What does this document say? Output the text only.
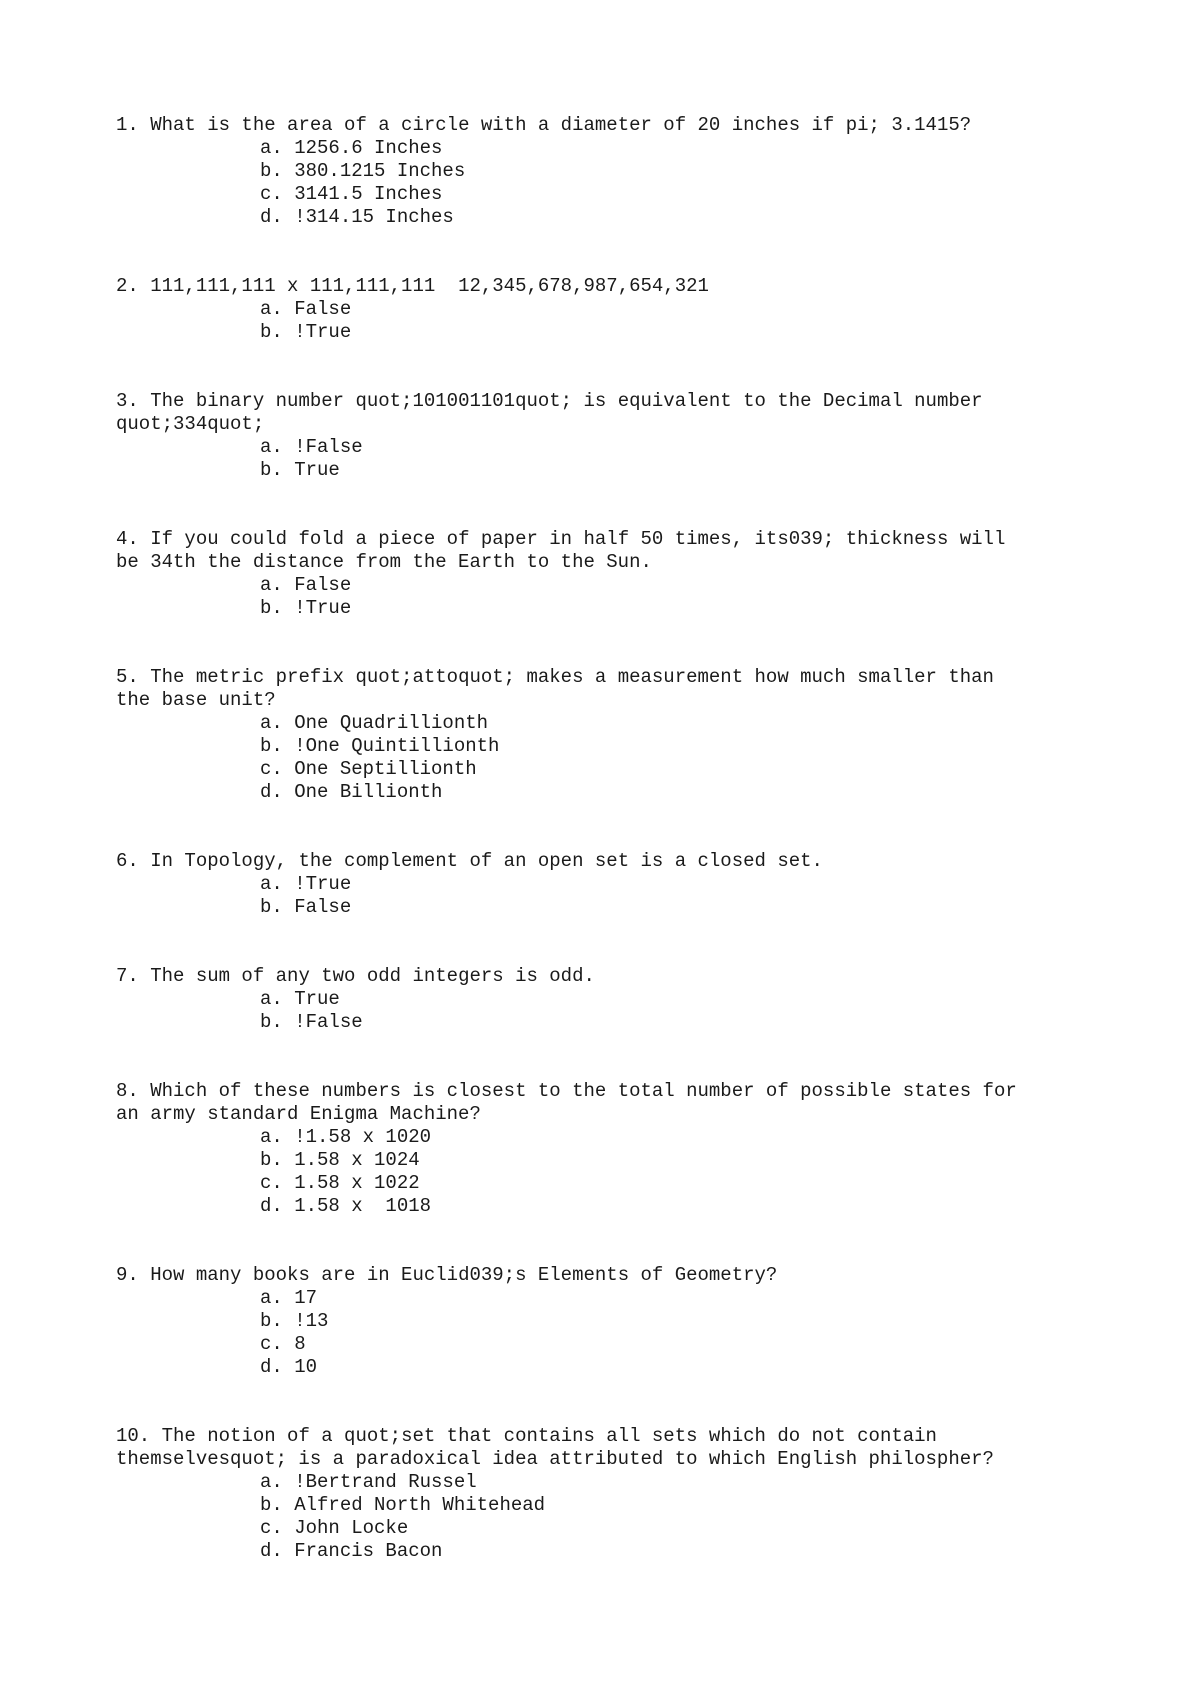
1. What is the area of a circle with a diameter of 20 inches if pi; 3.1415?

a. 1256.6 Inches
b. 380.1215 Inches
c. 3141.5 Inches
d. !314.15 Inches

2. 111,111,111 x 111,111,111  12,345,678,987,654,321

a. False
b. !True

3. The binary number quot;101001101quot; is equivalent to the Decimal number

quot;334quot;

a. !False
b. True

4. If you could fold a piece of paper in half 50 times, its039; thickness will

be 34th the distance from the Earth to the Sun.

a. False
b. !True

5. The metric prefix quot;attoquot; makes a measurement how much smaller than

the base unit?

a. One Quadrillionth
b. !One Quintillionth
c. One Septillionth
d. One Billionth

6. In Topology, the complement of an open set is a closed set.

a. !True
b. False

7. The sum of any two odd integers is odd.

a. True
b. !False

8. Which of these numbers is closest to the total number of possible states for

an army standard Enigma Machine?

a. !1.58 x 1020
b. 1.58 x 1024
c. 1.58 x 1022
d. 1.58 x  1018

9. How many books are in Euclid039;s Elements of Geometry?

a. 17
b. !13
c. 8
d. 10

10. The notion of a quot;set that contains all sets which do not contain

themselvesquot; is a paradoxical idea attributed to which English philospher?

a. !Bertrand Russel
b. Alfred North Whitehead
c. John Locke
d. Francis Bacon
